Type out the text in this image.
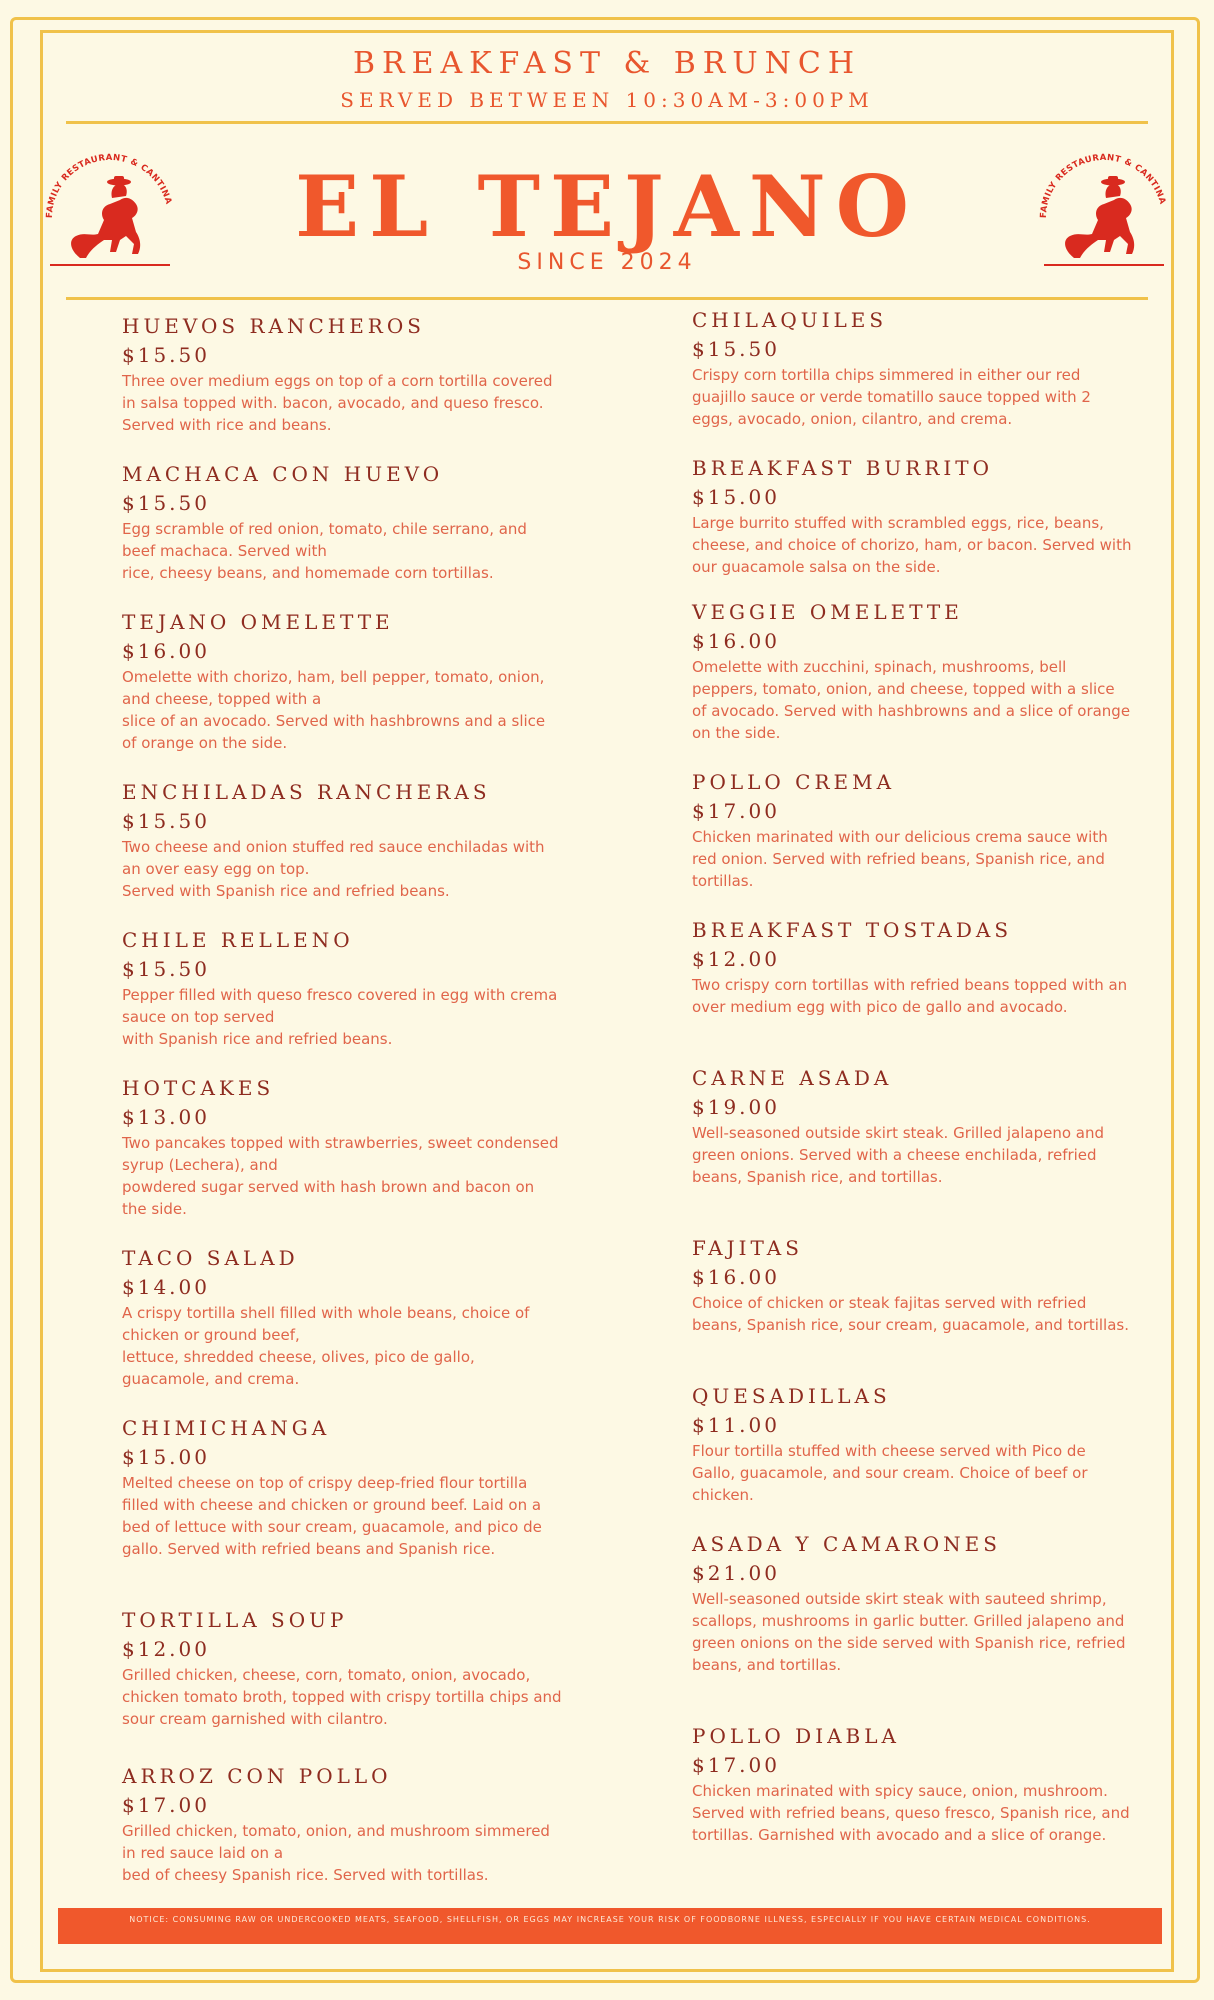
BREAKFAST & BRUNCH
SERVED BETWEEN 10:30AM-3:00PM
FAMILY RESTAURANT & CANTINA
FAMILY RESTAURANT & CANTINA
EL TEJANO
SINCE 2024
HUEVOS RANCHEROS
$15.50
Three over medium eggs on top of a corn tortilla covered in salsa topped with. bacon, avocado, and queso fresco. Served with rice and beans.
MACHACA CON HUEVO
$15.50
Egg scramble of red onion, tomato, chile serrano, and beef machaca. Served with
rice, cheesy beans, and homemade corn tortillas.
TEJANO OMELETTE
$16.00
Omelette with chorizo, ham, bell pepper, tomato, onion, and cheese, topped with a
slice of an avocado. Served with hashbrowns and a slice of orange on the side.
ENCHILADAS RANCHERAS
$15.50
Two cheese and onion stuffed red sauce enchiladas with an over easy egg on top.
Served with Spanish rice and refried beans.
CHILE RELLENO
$15.50
Pepper filled with queso fresco covered in egg with crema sauce on top served
with Spanish rice and refried beans.
HOTCAKES
$13.00
Two pancakes topped with strawberries, sweet condensed syrup (Lechera), and
powdered sugar served with hash brown and bacon on the side.
TACO SALAD
$14.00
A crispy tortilla shell filled with whole beans, choice of chicken or ground beef,
lettuce, shredded cheese, olives, pico de gallo, guacamole, and crema.
CHIMICHANGA
$15.00
Melted cheese on top of crispy deep-fried flour tortilla filled with cheese and chicken or ground beef. Laid on a bed of lettuce with sour cream, guacamole, and pico de gallo. Served with refried beans and Spanish rice.
TORTILLA SOUP
$12.00
Grilled chicken, cheese, corn, tomato, onion, avocado, chicken tomato broth, topped with crispy tortilla chips and sour cream garnished with cilantro.
ARROZ CON POLLO
$17.00
Grilled chicken, tomato, onion, and mushroom simmered in red sauce laid on a
bed of cheesy Spanish rice. Served with tortillas.
CHILAQUILES
$15.50
Crispy corn tortilla chips simmered in either our red guajillo sauce or verde tomatillo sauce topped with 2 eggs, avocado, onion, cilantro, and crema.
BREAKFAST BURRITO
$15.00
Large burrito stuffed with scrambled eggs, rice, beans, cheese, and choice of chorizo, ham, or bacon. Served with our guacamole salsa on the side.
VEGGIE OMELETTE
$16.00
Omelette with zucchini, spinach, mushrooms, bell peppers, tomato, onion, and cheese, topped with a slice of avocado. Served with hashbrowns and a slice of orange on the side.
POLLO CREMA
$17.00
Chicken marinated with our delicious crema sauce with red onion. Served with refried beans, Spanish rice, and tortillas.
BREAKFAST TOSTADAS
$12.00
Two crispy corn tortillas with refried beans topped with an over medium egg with pico de gallo and avocado.
CARNE ASADA
$19.00
Well-seasoned outside skirt steak. Grilled jalapeno and green onions. Served with a cheese enchilada, refried beans, Spanish rice, and tortillas.
FAJITAS
$16.00
Choice of chicken or steak fajitas served with refried beans, Spanish rice, sour cream, guacamole, and tortillas.
QUESADILLAS
$11.00
Flour tortilla stuffed with cheese served with Pico de Gallo, guacamole, and sour cream. Choice of beef or chicken.
ASADA Y CAMARONES
$21.00
Well-seasoned outside skirt steak with sauteed shrimp, scallops, mushrooms in garlic butter. Grilled jalapeno and green onions on the side served with Spanish rice, refried beans, and tortillas.
POLLO DIABLA
$17.00
Chicken marinated with spicy sauce, onion, mushroom. Served with refried beans, queso fresco, Spanish rice, and tortillas. Garnished with avocado and a slice of orange.
NOTICE: CONSUMING RAW OR UNDERCOOKED MEATS, SEAFOOD, SHELLFISH, OR EGGS MAY INCREASE YOUR RISK OF FOODBORNE ILLNESS, ESPECIALLY IF YOU HAVE CERTAIN MEDICAL CONDITIONS.
